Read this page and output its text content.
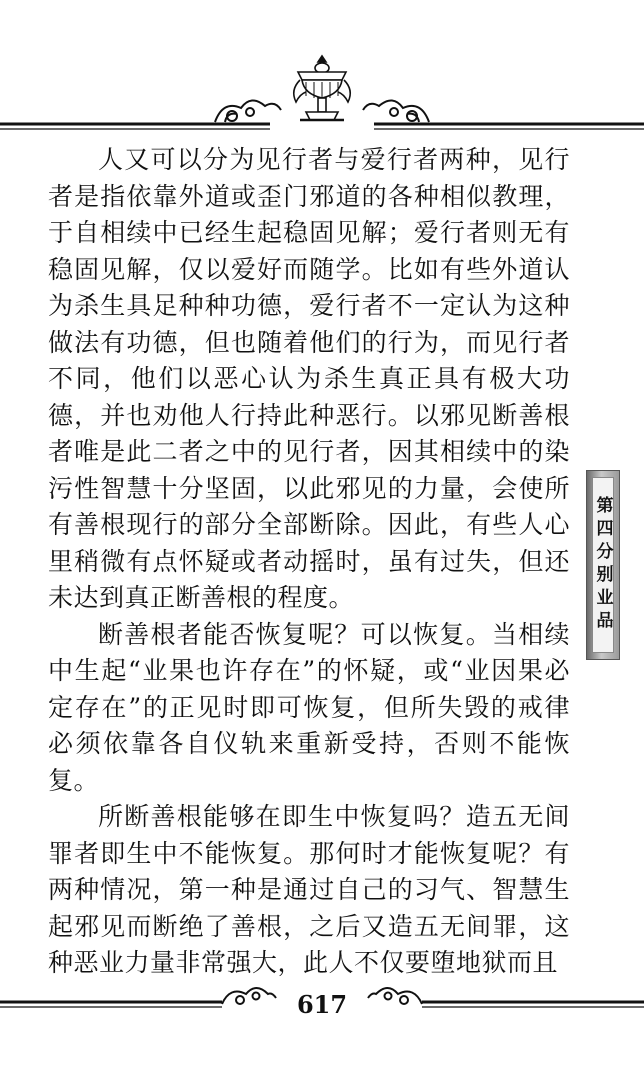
人又可以分为见行者与爱行者两种，见行者是指依靠外道或歪门邪道的各种相似教理，于自相续中已经生起稳固见解；爱行者则无有稳固见解，仅以爱好而随学。比如有些外道认为杀生具足种种功德，爱行者不一定认为这种做法有功德，但也随着他们的行为，而见行者不同，他们以恶心认为杀生真正具有极大功德，并也劝他人行持此种恶行。以邪见断善根者唯是此二者之中的见行者，因其相续中的染污性智慧十分坚固，以此邪见的力量，会使所有善根现行的部分全部断除。因此，有些人心里稍微有点怀疑或者动摇时，虽有过失，但还未达到真正断善根的程度。

断善根者能否恢复呢？可以恢复。当相续中生起“业果也许存在”的怀疑，或“业因果必定存在”的正见时即可恢复，但所失毁的戒律必须依靠各自仪轨来重新受持，否则不能恢复。

所断善根能够在即生中恢复吗？造五无间罪者即生中不能恢复。那何时才能恢复呢？有两种情况，第一种是通过自己的习气、智慧生起邪见而断绝了善根，之后又造五无间罪，这种恶业力量非常强大，此人不仅要堕地狱而且

第四分别业品
617
